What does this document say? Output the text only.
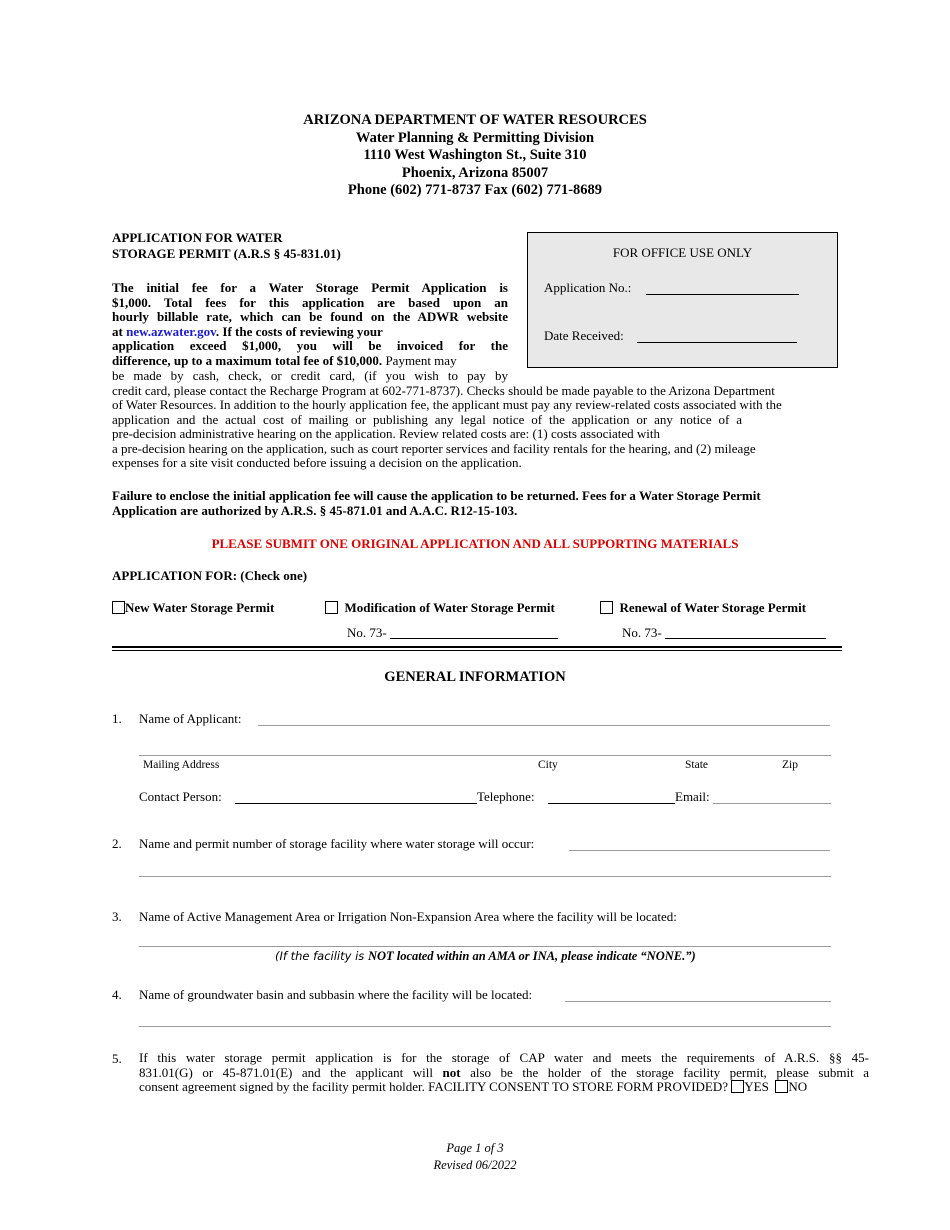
ARIZONA DEPARTMENT OF WATER RESOURCES
Water Planning & Permitting Division
1110 West Washington St., Suite 310
Phoenix, Arizona 85007
Phone (602) 771-8737 Fax (602) 771-8689
APPLICATION FOR WATER
STORAGE PERMIT (A.R.S § 45-831.01)	FOR OFFICE USE ONLY
Application No.:
Date Received:
The initial fee for a Water Storage Permit Application is
$1,000. Total fees for this application are based upon an
hourly billable rate, which can be found on the ADWR website
at new.azwater.gov. If the costs of reviewing your
application exceed $1,000, you will be invoiced for the
difference, up to a maximum total fee of $10,000. Payment may
be made by cash, check, or credit card, (if you wish to pay by
credit card, please contact the Recharge Program at 602-771-8737). Checks should be made payable to the Arizona Department
of Water Resources. In addition to the hourly application fee, the applicant must pay any review-related costs associated with the
application and the actual cost of mailing or publishing any legal notice of the application or any notice of a
pre-decision administrative hearing on the application. Review related costs are: (1) costs associated with
a pre-decision hearing on the application, such as court reporter services and facility rentals for the hearing, and (2) mileage
expenses for a site visit conducted before issuing a decision on the application.
Failure to enclose the initial application fee will cause the application to be returned. Fees for a Water Storage Permit
Application are authorized by A.R.S. § 45-871.01 and A.A.C. R12-15-103.
PLEASE SUBMIT ONE ORIGINAL APPLICATION AND ALL SUPPORTING MATERIALS
APPLICATION FOR: (Check one)
New Water Storage Permit	Modification of Water Storage Permit
No. 73-
Renewal of Water Storage Permit
No. 73-
GENERAL INFORMATION
1. Name of Applicant:
Mailing Address	City	State	Zip
Contact Person:	Telephone:	Email:
2. Name and permit number of storage facility where water storage will occur:
3. Name of Active Management Area or Irrigation Non-Expansion Area where the facility will be located:
(If the facility is NOT located within an AMA or INA, please indicate “NONE.”)
4. Name of groundwater basin and subbasin where the facility will be located:
5. If this water storage permit application is for the storage of CAP water and meets the requirements of A.R.S. §§ 45-
831.01(G) or 45-871.01(E) and the applicant will not also be the holder of the storage facility permit, please submit a
consent agreement signed by the facility permit holder. FACILITY CONSENT TO STORE FORM PROVIDED? YES NO
Page 1 of 3
Revised 06/2022
